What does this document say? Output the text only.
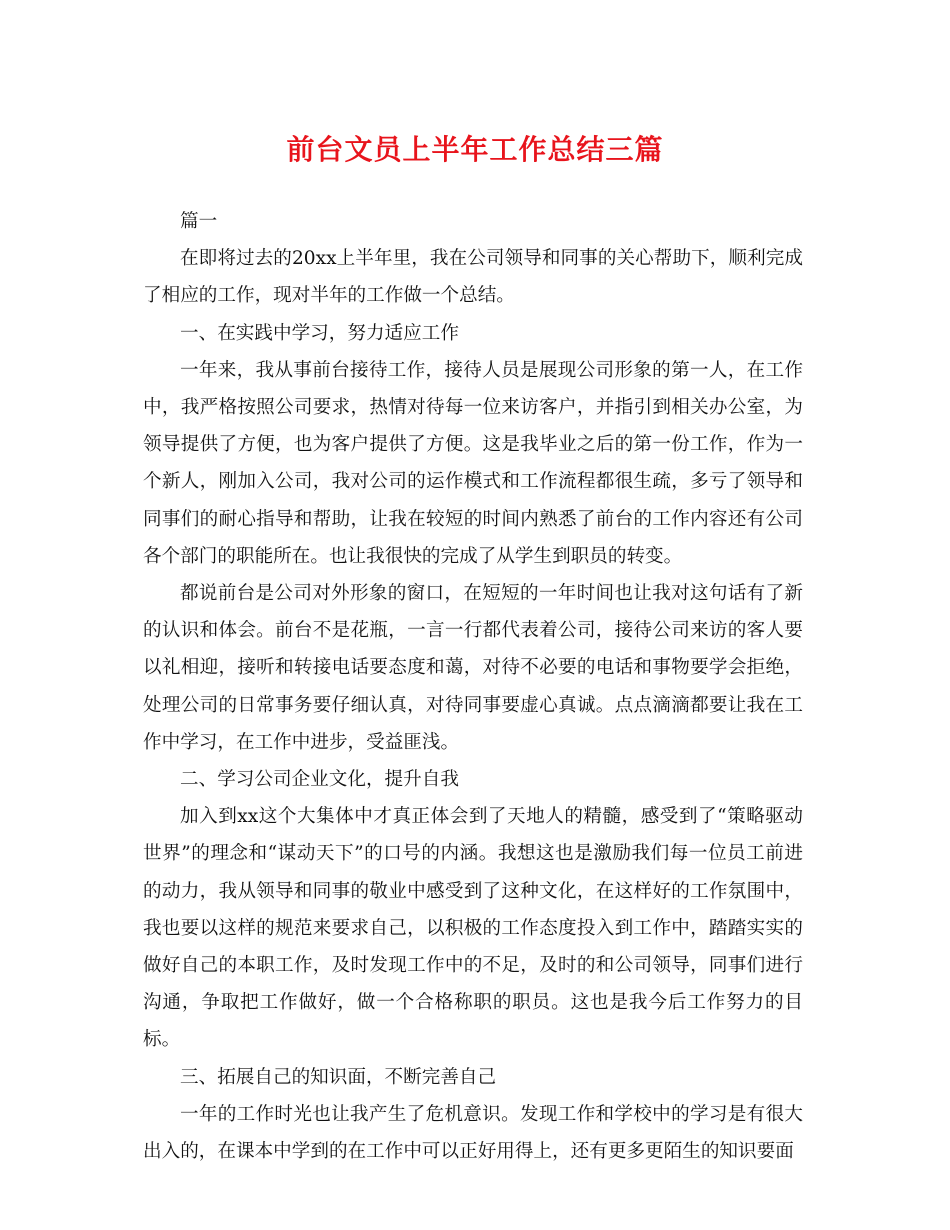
前台文员上半年工作总结三篇

篇一

在即将过去的20xx上半年里，我在公司领导和同事的关心帮助下，顺利完成了相应的工作，现对半年的工作做一个总结。

一、在实践中学习，努力适应工作

一年来，我从事前台接待工作，接待人员是展现公司形象的第一人，在工作中，我严格按照公司要求，热情对待每一位来访客户，并指引到相关办公室，为领导提供了方便，也为客户提供了方便。这是我毕业之后的第一份工作，作为一个新人，刚加入公司，我对公司的运作模式和工作流程都很生疏，多亏了领导和同事们的耐心指导和帮助，让我在较短的时间内熟悉了前台的工作内容还有公司各个部门的职能所在。也让我很快的完成了从学生到职员的转变。

都说前台是公司对外形象的窗口，在短短的一年时间也让我对这句话有了新的认识和体会。前台不是花瓶，一言一行都代表着公司，接待公司来访的客人要以礼相迎，接听和转接电话要态度和蔼，对待不必要的电话和事物要学会拒绝，处理公司的日常事务要仔细认真，对待同事要虚心真诚。点点滴滴都要让我在工作中学习，在工作中进步，受益匪浅。

二、学习公司企业文化，提升自我

加入到xx这个大集体中才真正体会到了天地人的精髓，感受到了“策略驱动世界”的理念和“谋动天下”的口号的内涵。我想这也是激励我们每一位员工前进的动力，我从领导和同事的敬业中感受到了这种文化，在这样好的工作氛围中，我也要以这样的规范来要求自己，以积极的工作态度投入到工作中，踏踏实实的做好自己的本职工作，及时发现工作中的不足，及时的和公司领导，同事们进行沟通，争取把工作做好，做一个合格称职的职员。这也是我今后工作努力的目标。

三、拓展自己的知识面，不断完善自己

一年的工作时光也让我产生了危机意识。发现工作和学校中的学习是有很大出入的，在课本中学到的在工作中可以正好用得上，还有更多更陌生的知识要面
